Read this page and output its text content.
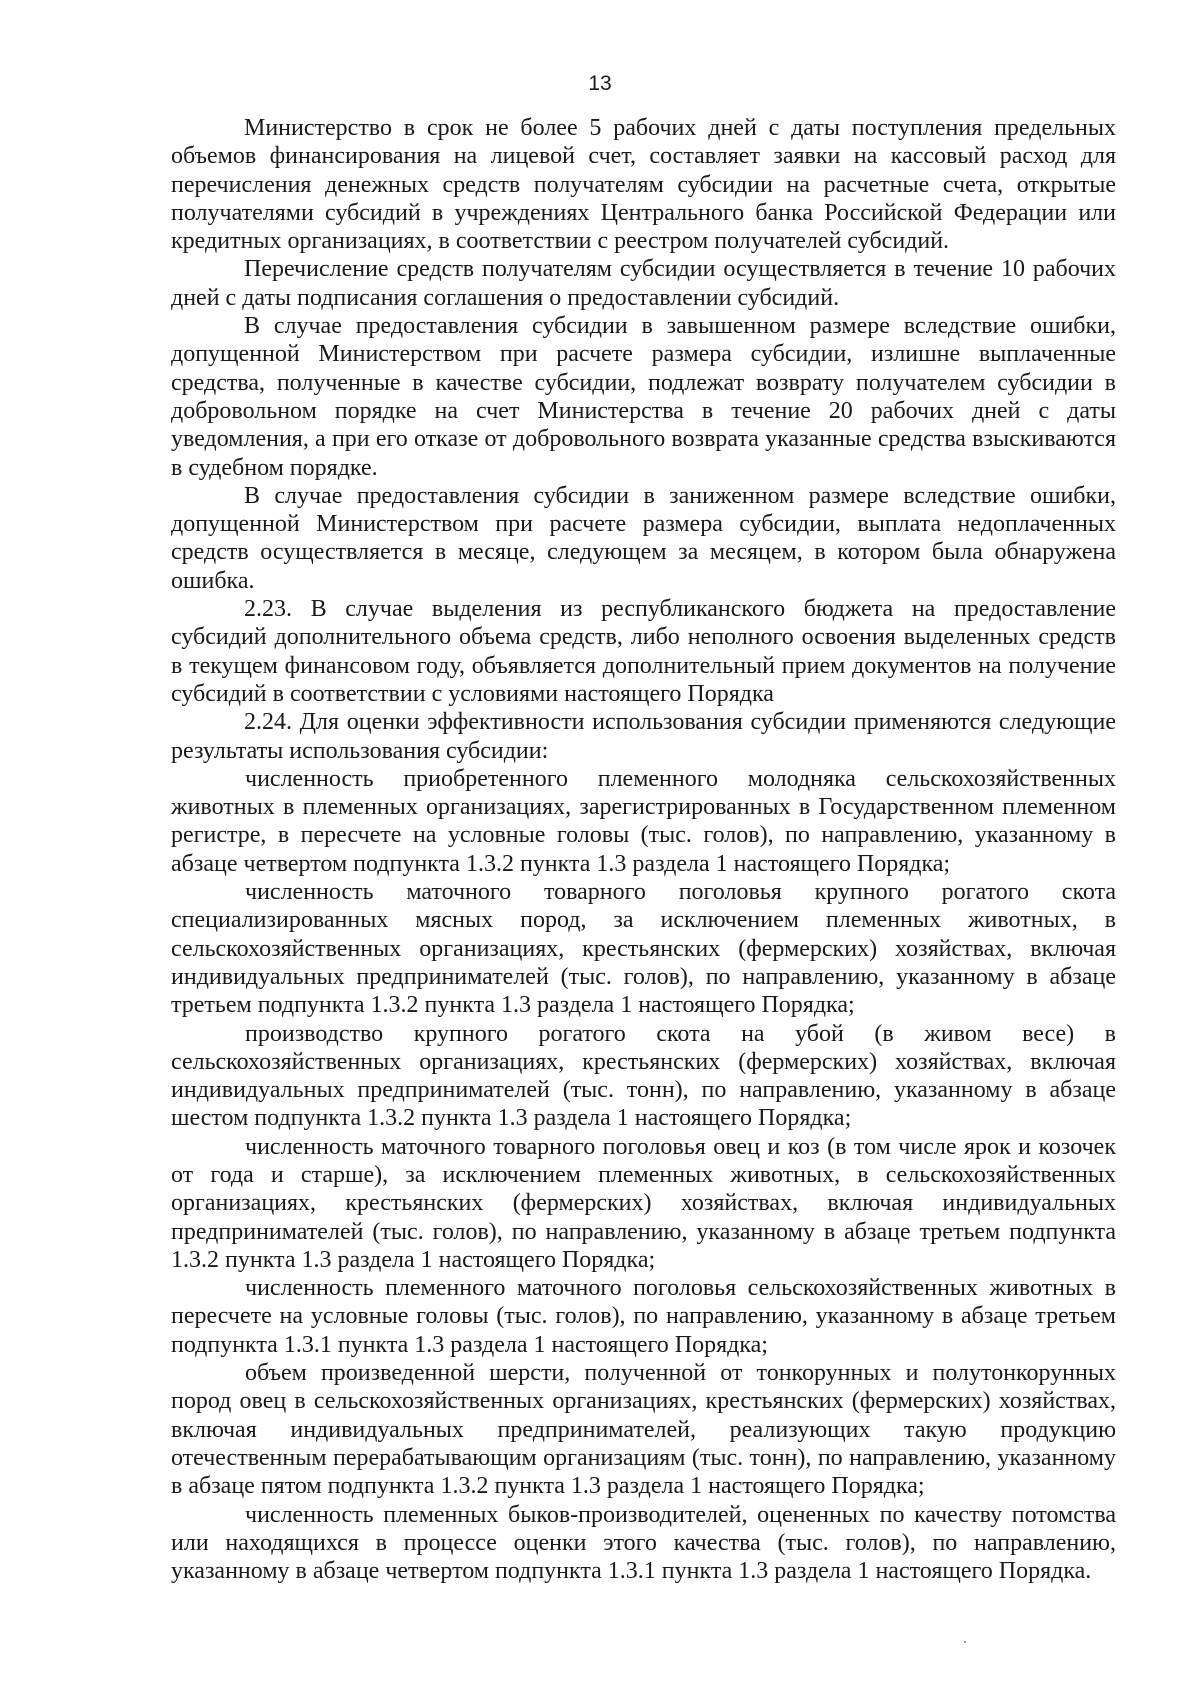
13

Министерство в срок не более 5 рабочих дней с даты поступления предельных объемов финансирования на лицевой счет, составляет заявки на кассовый расход для перечисления денежных средств получателям субсидии на расчетные счета, открытые получателями субсидий в учреждениях Центрального банка Российской Федерации или кредитных организациях, в соответствии с реестром получателей субсидий.

Перечисление средств получателям субсидии осуществляется в течение 10 рабочих дней с даты подписания соглашения о предоставлении субсидий.

В случае предоставления субсидии в завышенном размере вследствие ошибки, допущенной Министерством при расчете размера субсидии, излишне выплаченные средства, полученные в качестве субсидии, подлежат возврату получателем субсидии в добровольном порядке на счет Министерства в течение 20 рабочих дней с даты уведомления, а при его отказе от добровольного возврата указанные средства взыскиваются в судебном порядке.

В случае предоставления субсидии в заниженном размере вследствие ошибки, допущенной Министерством при расчете размера субсидии, выплата недоплаченных средств осуществляется в месяце, следующем за месяцем, в котором была обнаружена ошибка.

2.23. В случае выделения из республиканского бюджета на предоставление субсидий дополнительного объема средств, либо неполного освоения выделенных средств в текущем финансовом году, объявляется дополнительный прием документов на получение субсидий в соответствии с условиями настоящего Порядка

2.24. Для оценки эффективности использования субсидии применяются следующие результаты использования субсидии:

численность приобретенного племенного молодняка сельскохозяйственных животных в племенных организациях, зарегистрированных в Государственном племенном регистре, в пересчете на условные головы (тыс. голов), по направлению, указанному в абзаце четвертом подпункта 1.3.2 пункта 1.3 раздела 1 настоящего Порядка;

численность маточного товарного поголовья крупного рогатого скота специализированных мясных пород, за исключением племенных животных, в сельскохозяйственных организациях, крестьянских (фермерских) хозяйствах, включая индивидуальных предпринимателей (тыс. голов), по направлению, указанному в абзаце третьем подпункта 1.3.2 пункта 1.3 раздела 1 настоящего Порядка;

производство крупного рогатого скота на убой (в живом весе) в сельскохозяйственных организациях, крестьянских (фермерских) хозяйствах, включая индивидуальных предпринимателей (тыс. тонн), по направлению, указанному в абзаце шестом подпункта 1.3.2 пункта 1.3 раздела 1 настоящего Порядка;

численность маточного товарного поголовья овец и коз (в том числе ярок и козочек от года и старше), за исключением племенных животных, в сельскохозяйственных организациях, крестьянских (фермерских) хозяйствах, включая индивидуальных предпринимателей (тыс. голов), по направлению, указанному в абзаце третьем подпункта 1.3.2 пункта 1.3 раздела 1 настоящего Порядка;

численность племенного маточного поголовья сельскохозяйственных животных в пересчете на условные головы (тыс. голов), по направлению, указанному в абзаце третьем подпункта 1.3.1 пункта 1.3 раздела 1 настоящего Порядка;

объем произведенной шерсти, полученной от тонкорунных и полутонкорунных пород овец в сельскохозяйственных организациях, крестьянских (фермерских) хозяйствах, включая индивидуальных предпринимателей, реализующих такую продукцию отечественным перерабатывающим организациям (тыс. тонн), по направлению, указанному в абзаце пятом подпункта 1.3.2 пункта 1.3 раздела 1 настоящего Порядка;

численность племенных быков-производителей, оцененных по качеству потомства или находящихся в процессе оценки этого качества (тыс. голов), по направлению, указанному в абзаце четвертом подпункта 1.3.1 пункта 1.3 раздела 1 настоящего Порядка.
